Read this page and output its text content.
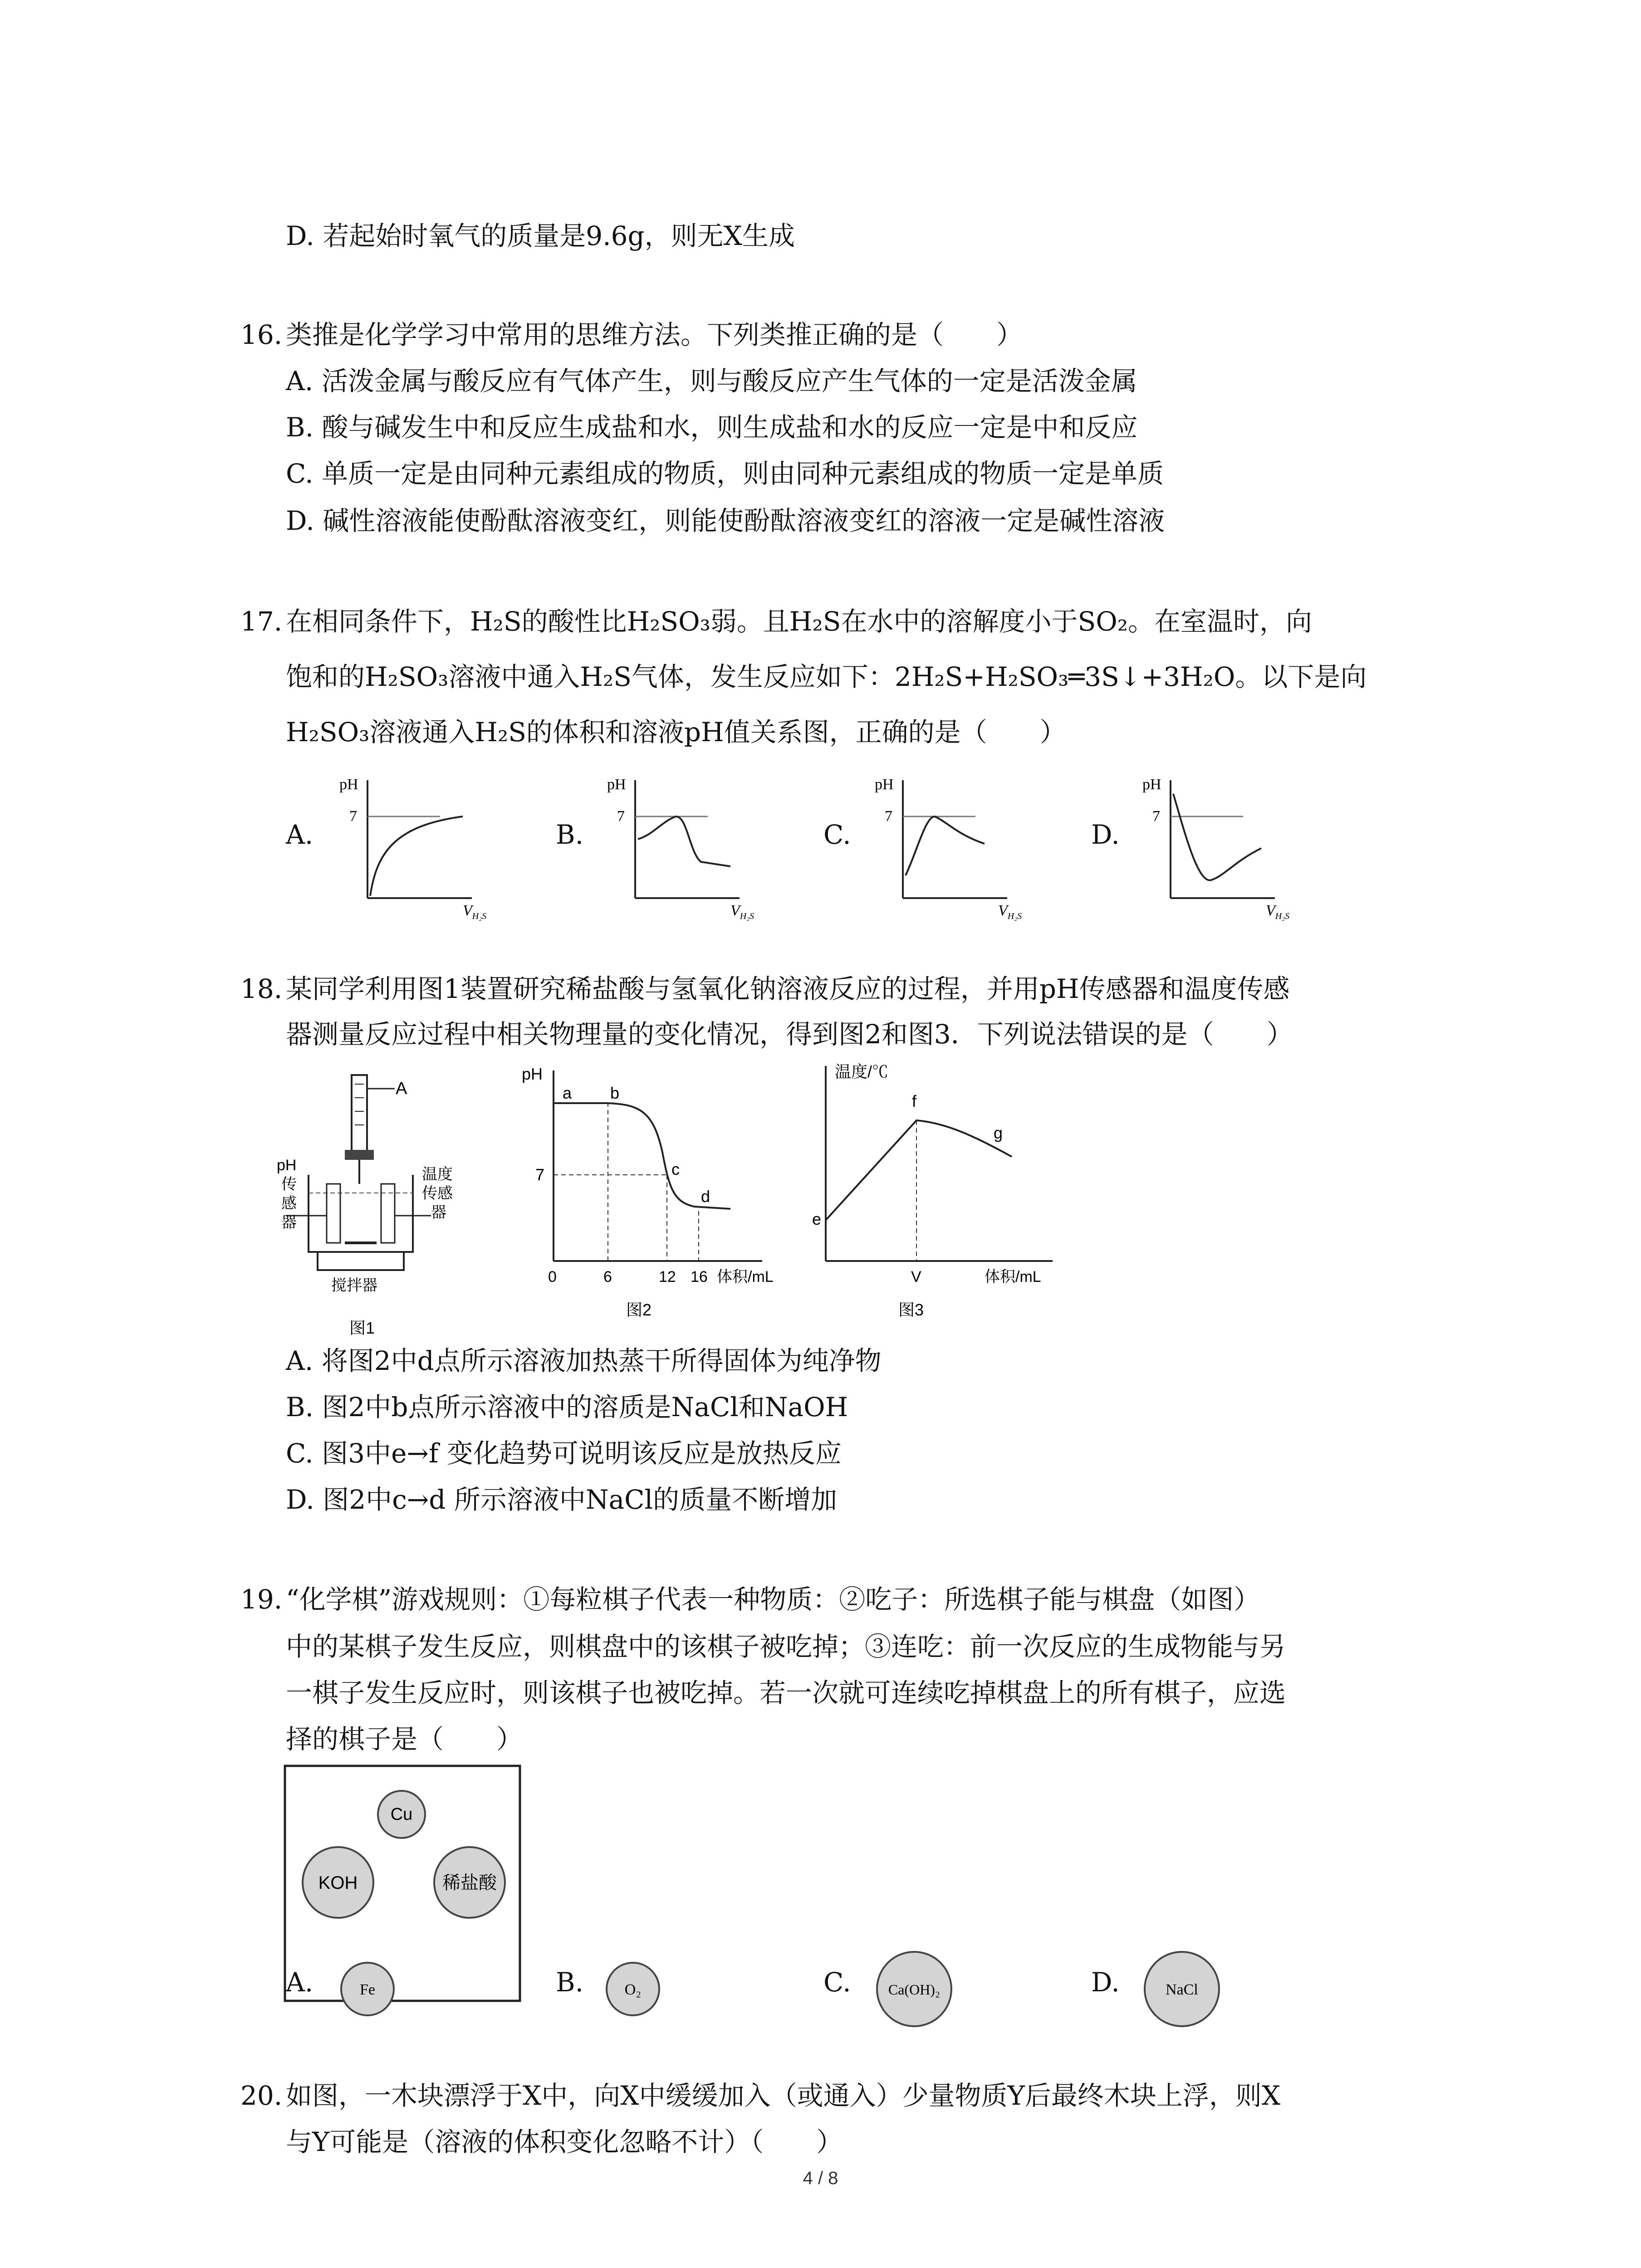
D. 若起始时氧气的质量是9.6g，则无X生成
16. 类推是化学学习中常用的思维方法。下列类推正确的是（　　）
A. 活泼金属与酸反应有气体产生，则与酸反应产生气体的一定是活泼金属
B. 酸与碱发生中和反应生成盐和水，则生成盐和水的反应一定是中和反应
C. 单质一定是由同种元素组成的物质，则由同种元素组成的物质一定是单质
D. 碱性溶液能使酚酞溶液变红，则能使酚酞溶液变红的溶液一定是碱性溶液
17. 在相同条件下，H₂S的酸性比H₂SO₃弱。且H₂S在水中的溶解度小于SO₂。在室温时，向
饱和的H₂SO₃溶液中通入H₂S气体，发生反应如下：2H₂S+H₂SO₃═3S↓+3H₂O。以下是向
H₂SO₃溶液通入H₂S的体积和溶液pH值关系图，正确的是（　　）
A.
pH
7
$V_{H_2S}$
B.
pH
7
$V_{H_2S}$
C.
pH
7
$V_{H_2S}$
D.
pH
7
$V_{H_2S}$
18. 某同学利用图1装置研究稀盐酸与氢氧化钠溶液反应的过程，并用pH传感器和温度传感
器测量反应过程中相关物理量的变化情况，得到图2和图3．下列说法错误的是（　　）
A
pH
传
感
器
温度
传感
器
搅拌器
图1
pH
7
a b
c
d
0	6	12 16 体积/mL
图2
温度/℃
e
f
g
V	体积/mL
图3
A. 将图2中d点所示溶液加热蒸干所得固体为纯净物
B. 图2中b点所示溶液中的溶质是NaCl和NaOH
C. 图3中e→f 变化趋势可说明该反应是放热反应
D. 图2中c→d 所示溶液中NaCl的质量不断增加
19. “化学棋”游戏规则：①每粒棋子代表一种物质：②吃子：所选棋子能与棋盘（如图）
中的某棋子发生反应，则棋盘中的该棋子被吃掉；③连吃：前一次反应的生成物能与另
一棋子发生反应时，则该棋子也被吃掉。若一次就可连续吃掉棋盘上的所有棋子，应选
择的棋子是（　　）
Cu
KOH	稀盐酸
A.	Fe	B.	O₂	C.	Ca(OH)₂	D.	NaCl
20. 如图，一木块漂浮于X中，向X中缓缓加入（或通入）少量物质Y后最终木块上浮，则X
与Y可能是（溶液的体积变化忽略不计）（　　）
4 / 8
